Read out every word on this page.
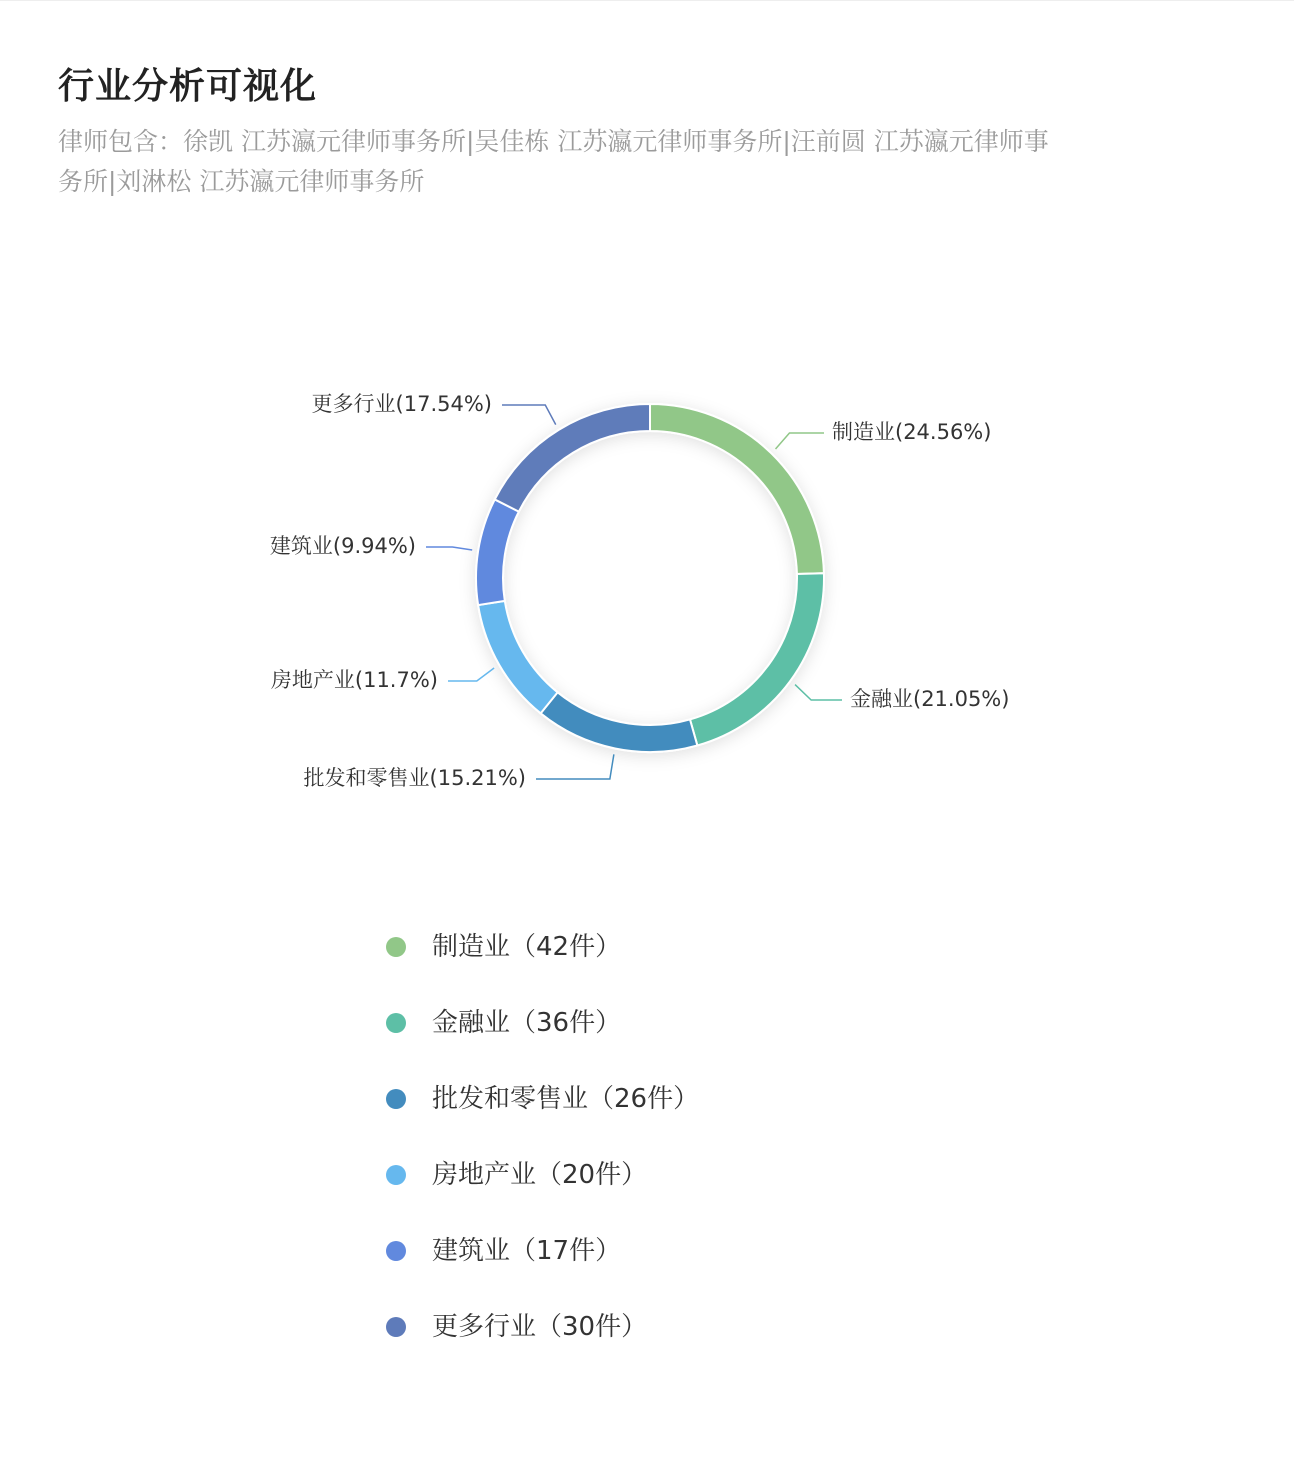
行业分析可视化

律师包含：徐凯 江苏瀛元律师事务所|吴佳栋 江苏瀛元律师事务所|汪前圆 江苏瀛元律师事务所|刘淋松 江苏瀛元律师事务所

制造业(24.56%)
金融业(21.05%)
批发和零售业(15.21%)
房地产业(11.7%)
建筑业(9.94%)
更多行业(17.54%)
制造业（42件）
金融业（36件）
批发和零售业（26件）
房地产业（20件）
建筑业（17件）
更多行业（30件）
